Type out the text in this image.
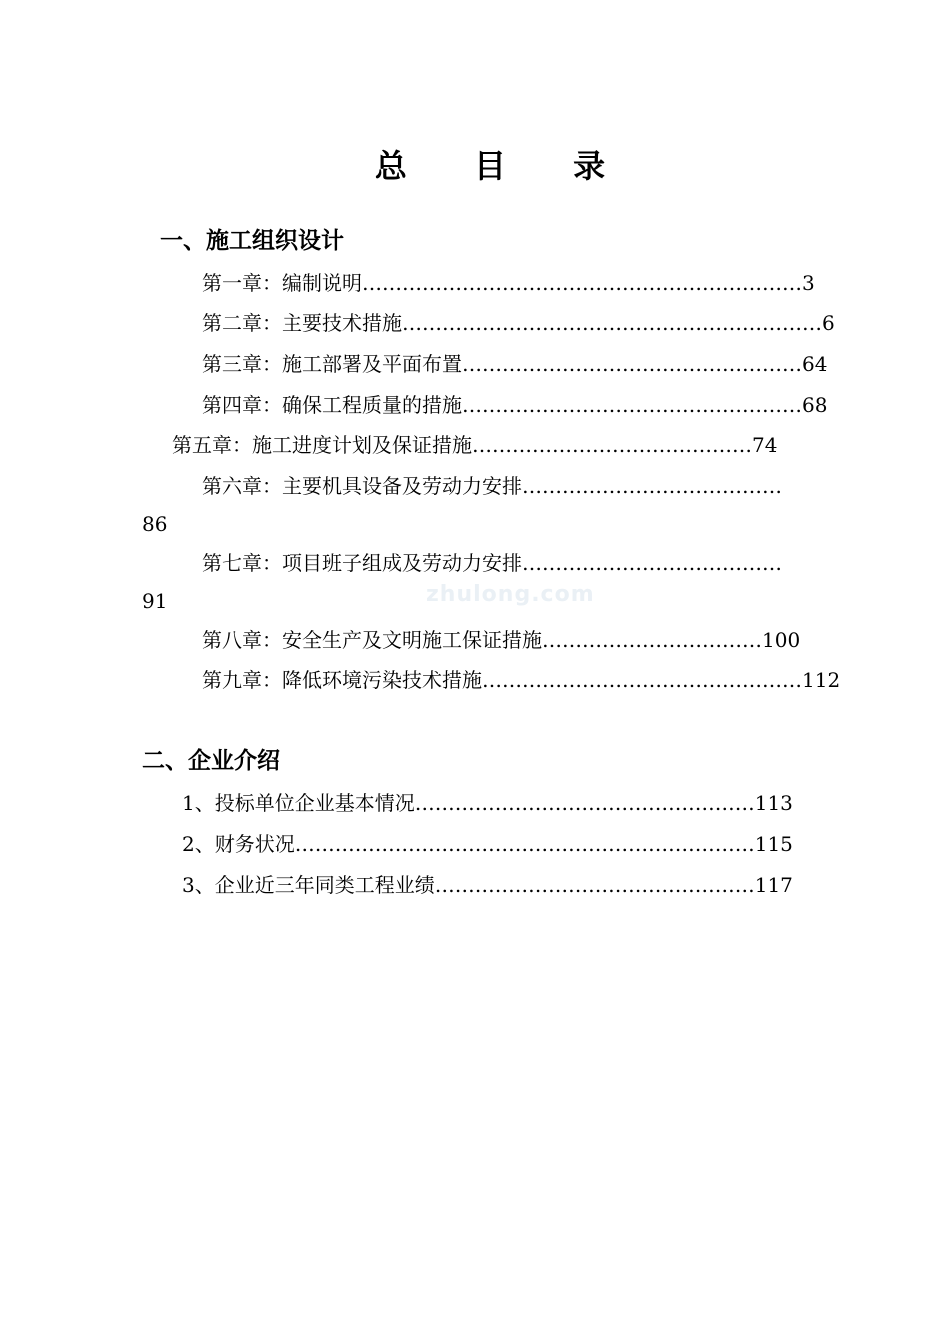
总 目 录
zhulong.com
一、施工组织设计
第一章：编制说明…………………………………………………………3
第二章：主要技术措施………………………………………………………6
第三章：施工部署及平面布置……………………………………………64
第四章：确保工程质量的措施……………………………………………68
第五章：施工进度计划及保证措施……………………………………74
第六章：主要机具设备及劳动力安排…………………………………
86
第七章：项目班子组成及劳动力安排…………………………………
91
第八章：安全生产及文明施工保证措施……………………………100
第九章：降低环境污染技术措施…………………………………………112
二、企业介绍
1、投标单位企业基本情况……………………………………………113
2、财务状况……………………………………………………………115
3、企业近三年同类工程业绩…………………………………………117
